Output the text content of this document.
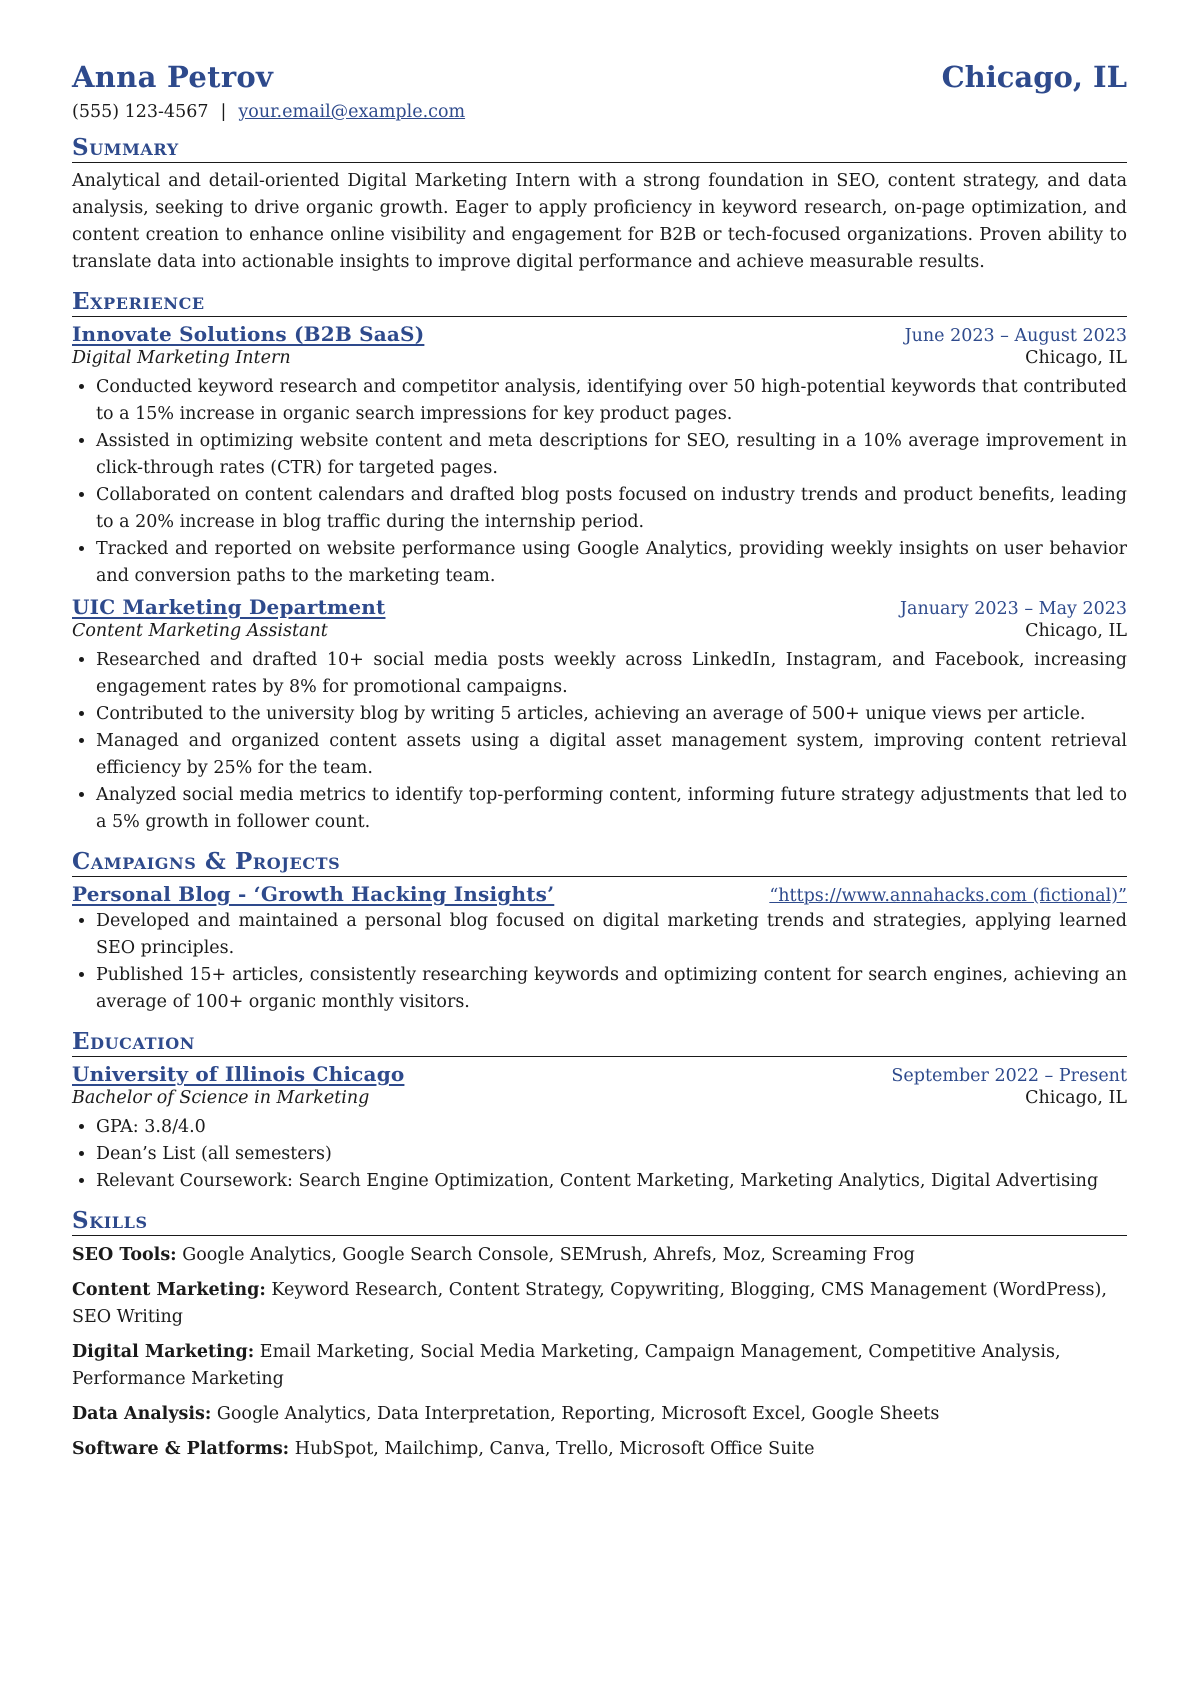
Anna Petrov	Chicago, IL
(555) 123-4567 | your.email@example.com
Summary

Analytical and detail-oriented Digital Marketing Intern with a strong foundation in SEO, content strategy, and data analysis, seeking to drive organic growth. Eager to apply proficiency in keyword research, on-page optimization, and content creation to enhance online visibility and engagement for B2B or tech-focused organizations. Proven ability to translate data into actionable insights to improve digital performance and achieve measurable results.

Experience
Innovate Solutions (B2B SaaS)	June 2023 – August 2023
Digital Marketing Intern	Chicago, IL
• Conducted keyword research and competitor analysis, identifying over 50 high-potential keywords that contributed to a 15% increase in organic search impressions for key product pages.
• Assisted in optimizing website content and meta descriptions for SEO, resulting in a 10% average improvement in click-through rates (CTR) for targeted pages.
• Collaborated on content calendars and drafted blog posts focused on industry trends and product benefits, leading to a 20% increase in blog traffic during the internship period.
• Tracked and reported on website performance using Google Analytics, providing weekly insights on user behavior and conversion paths to the marketing team.
UIC Marketing Department	January 2023 – May 2023
Content Marketing Assistant	Chicago, IL
• Researched and drafted 10+ social media posts weekly across LinkedIn, Instagram, and Facebook, increasing engagement rates by 8% for promotional campaigns.
• Contributed to the university blog by writing 5 articles, achieving an average of 500+ unique views per article.
• Managed and organized content assets using a digital asset management system, improving content retrieval efficiency by 25% for the team.
• Analyzed social media metrics to identify top-performing content, informing future strategy adjustments that led to a 5% growth in follower count.
Campaigns & Projects
Personal Blog - ‘Growth Hacking Insights’	“https://www.annahacks.com (fictional)”
• Developed and maintained a personal blog focused on digital marketing trends and strategies, applying learned SEO principles.
• Published 15+ articles, consistently researching keywords and optimizing content for search engines, achieving an average of 100+ organic monthly visitors.
Education
University of Illinois Chicago	September 2022 – Present
Bachelor of Science in Marketing	Chicago, IL
• GPA: 3.8/4.0
• Dean’s List (all semesters)
• Relevant Coursework: Search Engine Optimization, Content Marketing, Marketing Analytics, Digital Advertising
Skills
SEO Tools: Google Analytics, Google Search Console, SEMrush, Ahrefs, Moz, Screaming Frog
Content Marketing: Keyword Research, Content Strategy, Copywriting, Blogging, CMS Management (WordPress), SEO Writing
Digital Marketing: Email Marketing, Social Media Marketing, Campaign Management, Competitive Analysis, Performance Marketing
Data Analysis: Google Analytics, Data Interpretation, Reporting, Microsoft Excel, Google Sheets
Software & Platforms: HubSpot, Mailchimp, Canva, Trello, Microsoft Office Suite
